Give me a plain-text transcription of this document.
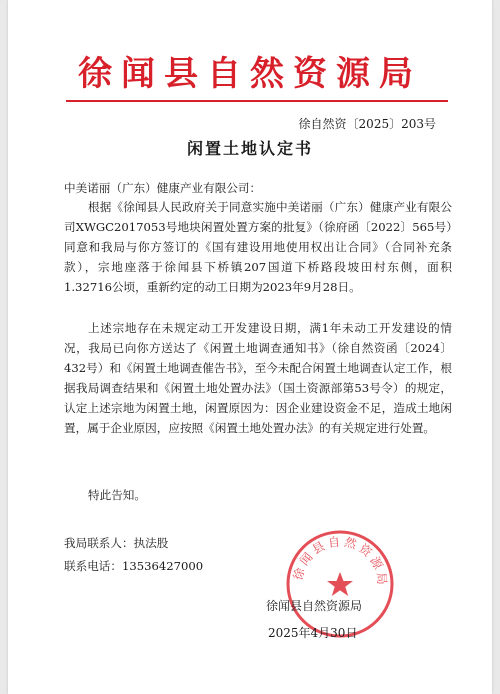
徐闻县自然资源局
徐自然资〔2025〕203号
闲置土地认定书
中美诺丽（广东）健康产业有限公司：
根据《徐闻县人民政府关于同意实施中美诺丽（广东）健康产业有限公司XWGC2017053号地块闲置处置方案的批复》（徐府函〔2022〕565号）同意和我局与你方签订的《国有建设用地使用权出让合同》（合同补充条款），宗地座落于徐闻县下桥镇207国道下桥路段坡田村东侧，面积1.32716公顷，重新约定的动工日期为2023年9月28日。
上述宗地存在未规定动工开发建设日期，满1年未动工开发建设的情况，我局已向你方送达了《闲置土地调查通知书》（徐自然资函〔2024〕432号）和《闲置土地调查催告书》，至今未配合闲置土地调查认定工作，根据我局调查结果和《闲置土地处置办法》（国土资源部第53号令）的规定，认定上述宗地为闲置土地，闲置原因为：因企业建设资金不足，造成土地闲置，属于企业原因，应按照《闲置土地处置办法》的有关规定进行处置。
特此告知。
我局联系人：执法股
联系电话：13536427000	徐闻县自然资源局
徐闻县自然资源局
2025年4月30日
